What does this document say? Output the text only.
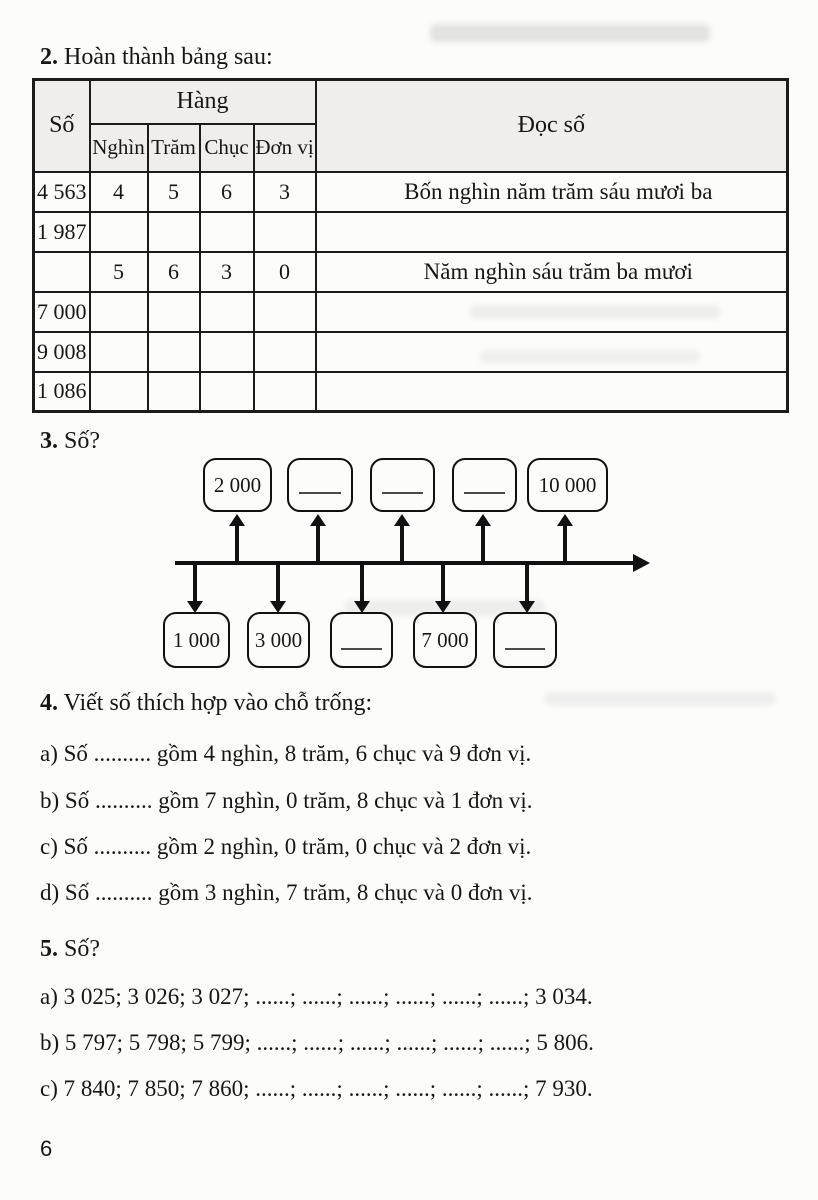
2. Hoàn thành bảng sau:
Số	Hàng				Đọc số
	Nghìn	Trăm	Chục	Đơn vị	
4 563	4	5	6	3	Bốn nghìn năm trăm sáu mươi ba
1 987					
	5	6	3	0	Năm nghìn sáu trăm ba mươi
7 000					
9 008					
1 086					
3. Số?
2 000	10 000
1 000 3 000	7 000
4. Viết số thích hợp vào chỗ trống:
a) Số .......... gồm 4 nghìn, 8 trăm, 6 chục và 9 đơn vị.
b) Số .......... gồm 7 nghìn, 0 trăm, 8 chục và 1 đơn vị.
c) Số .......... gồm 2 nghìn, 0 trăm, 0 chục và 2 đơn vị.
d) Số .......... gồm 3 nghìn, 7 trăm, 8 chục và 0 đơn vị.
5. Số?
a) 3 025; 3 026; 3 027; ......; ......; ......; ......; ......; ......; 3 034.
b) 5 797; 5 798; 5 799; ......; ......; ......; ......; ......; ......; 5 806.
c) 7 840; 7 850; 7 860; ......; ......; ......; ......; ......; ......; 7 930.
6
